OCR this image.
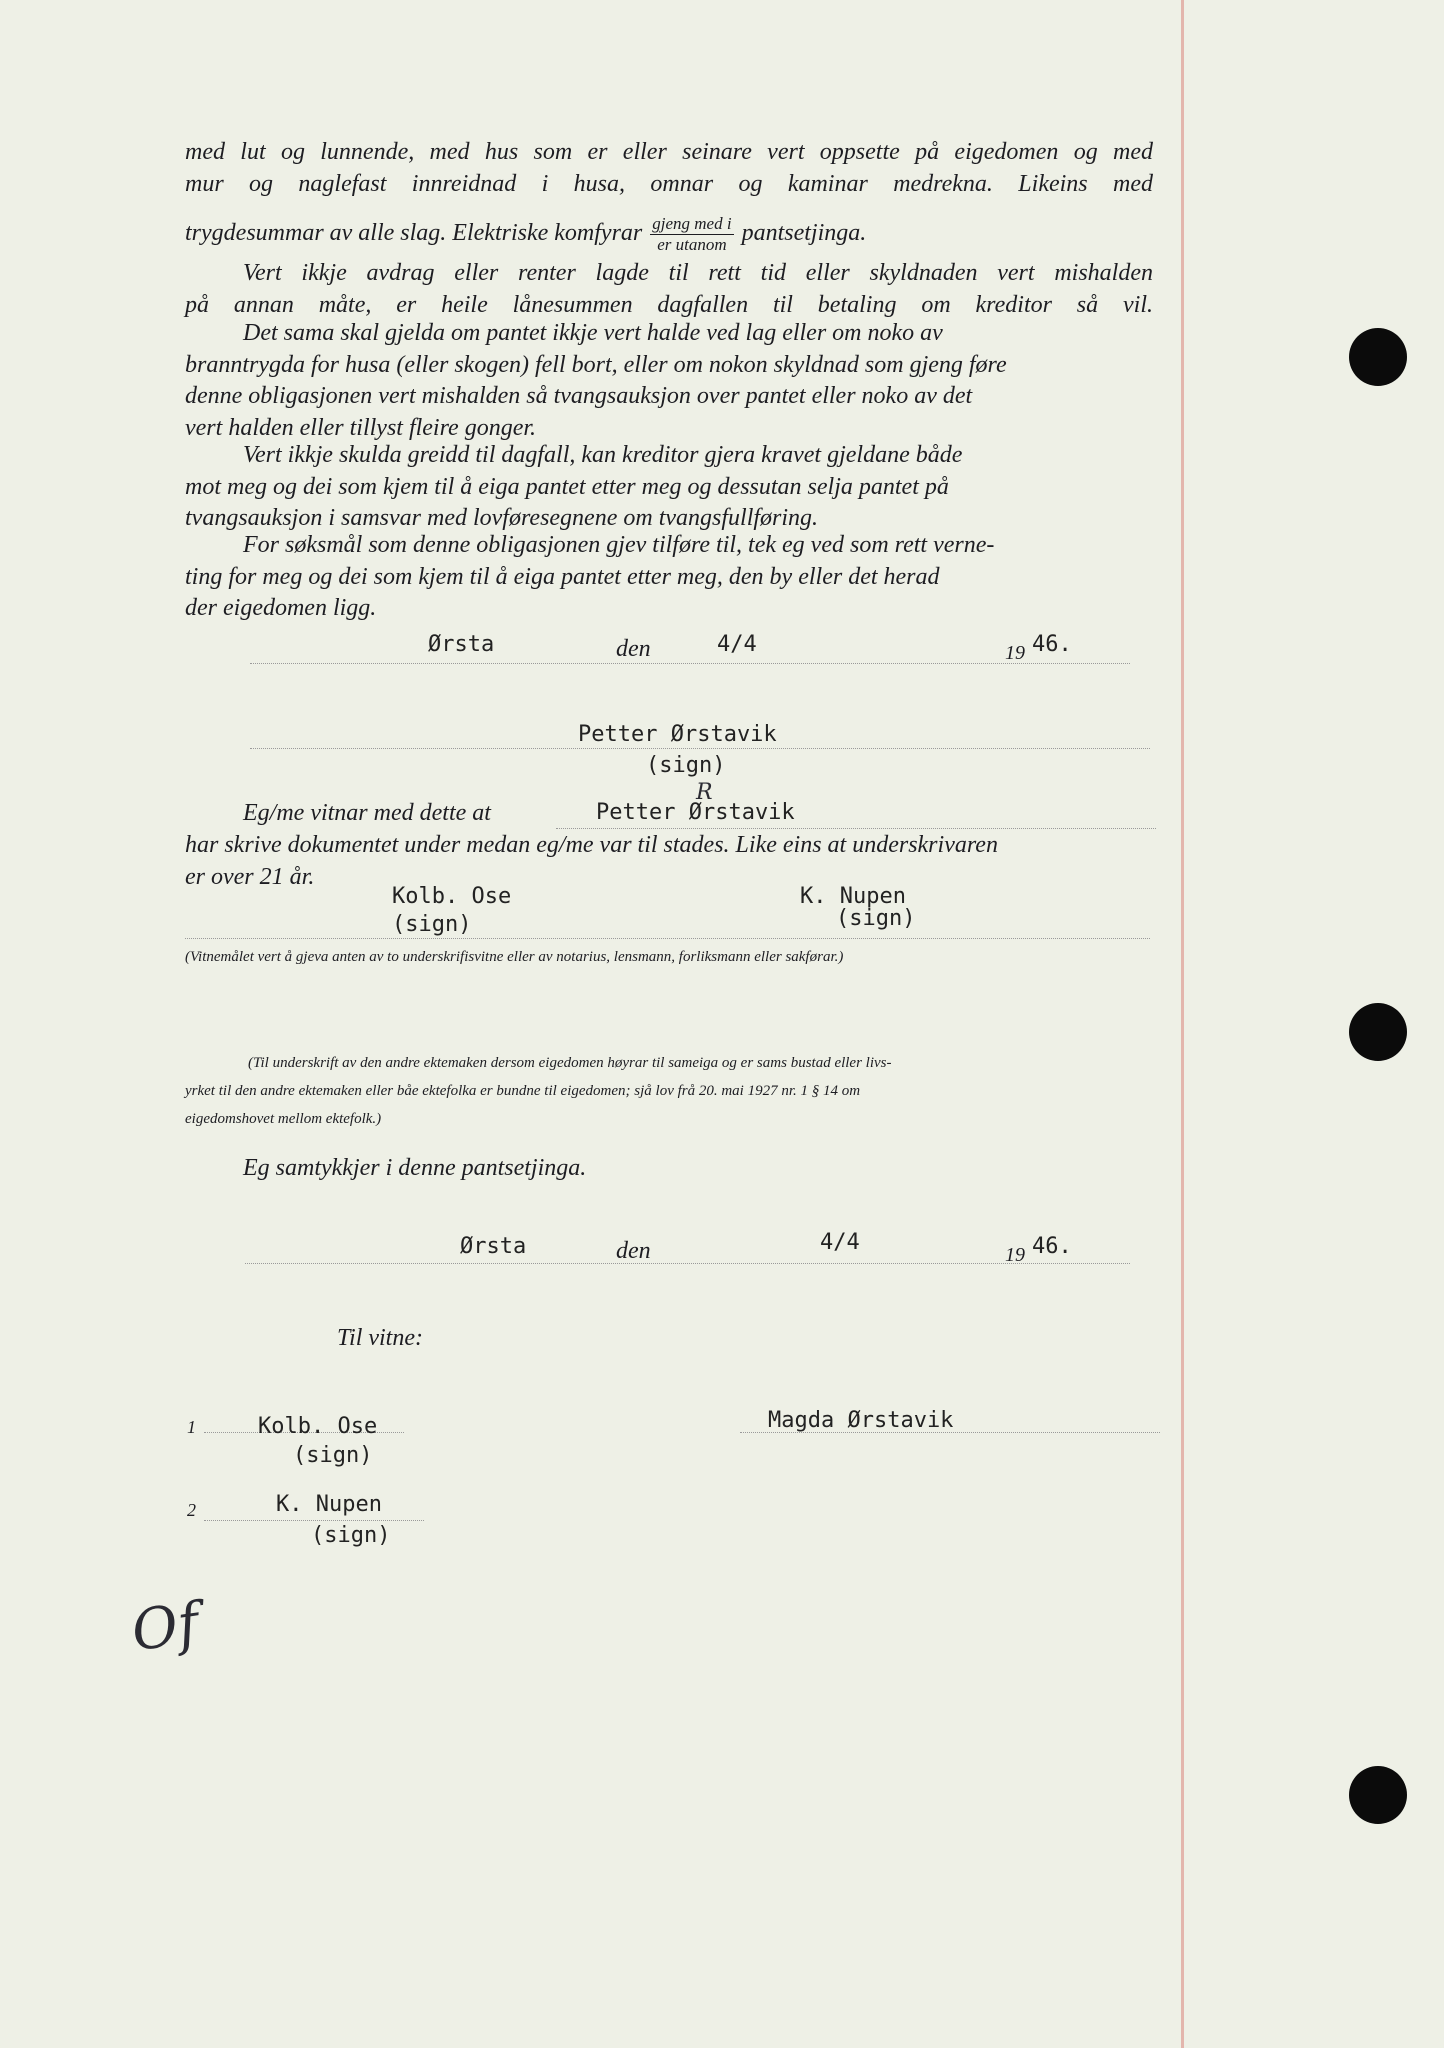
med lut og lunnende, med hus som er eller seinare vert oppsette på eigedomen og med
mur og naglefast innreidnad i husa, omnar og kaminar medrekna. Likeins med
trygdesummar av alle slag. Elektriske komfyrar $\frac{\text{gjeng med i}}{\text{er utanom}}$ pantsetjinga.
Vert ikkje avdrag eller renter lagde til rett tid eller skyldnaden vert mishalden
på annan måte, er heile lånesummen dagfallen til betaling om kreditor så vil.
Det sama skal gjelda om pantet ikkje vert halde ved lag eller om noko av
branntrygda for husa (eller skogen) fell bort, eller om nokon skyldnad som gjeng føre
denne obligasjonen vert mishalden så tvangsauksjon over pantet eller noko av det
vert halden eller tillyst fleire gonger.
Vert ikkje skulda greidd til dagfall, kan kreditor gjera kravet gjeldane både
mot meg og dei som kjem til å eiga pantet etter meg og dessutan selja pantet på
tvangsauksjon i samsvar med lovføresegnene om tvangsfullføring.
For søksmål som denne obligasjonen gjev tilføre til, tek eg ved som rett verne-
ting for meg og dei som kjem til å eiga pantet etter meg, den by eller det herad
der eigedomen ligg.
Ørsta	den	4/4	19 46.
Petter Ørstavik
(sign)
Eg/me vitnar med dette at	Petter Ørstavik
R
har skrive dokumentet under medan eg/me var til stades. Like eins at underskrivaren
er over 21 år.
Kolb. Ose
(sign)
K. Nupen
(sign)
(Vitnemålet vert å gjeva anten av to underskrifisvitne eller av notarius, lensmann, forliksmann eller sakførar.)
(Til underskrift av den andre ektemaken dersom eigedomen høyrar til sameiga og er sams bustad eller livs-
yrket til den andre ektemaken eller båe ektefolka er bundne til eigedomen; sjå lov frå 20. mai 1927 nr. 1 § 14 om
eigedomshovet mellom ektefolk.)
Eg samtykkjer i denne pantsetjinga.
Ørsta	den	4/4	19 46.
Til vitne:
1	Kolb. Ose
(sign)
Magda Ørstavik
2	K. Nupen
(sign)
Of
